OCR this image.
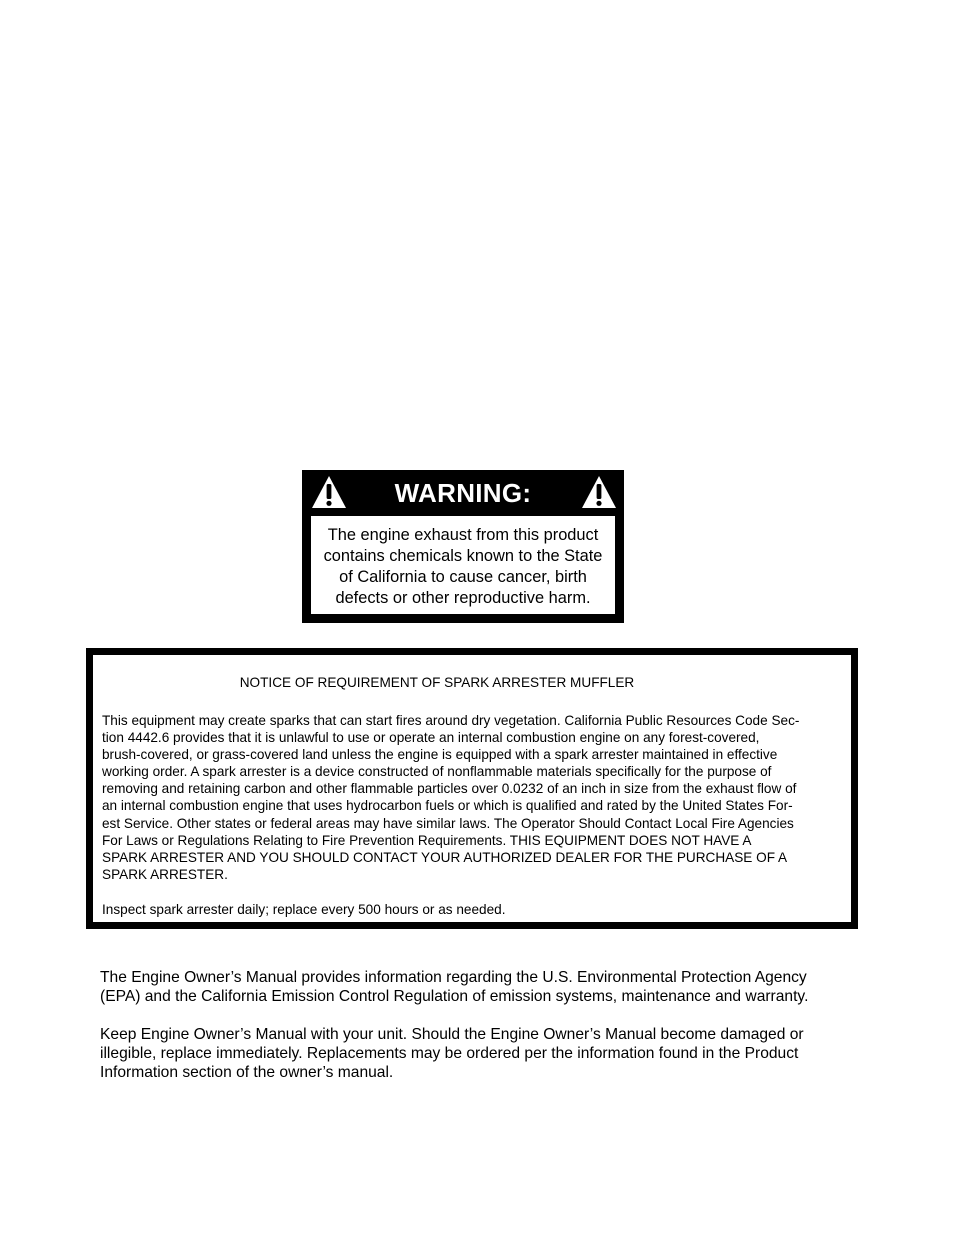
WARNING:
The engine exhaust from this product
contains chemicals known to the State
of California to cause cancer, birth
defects or other reproductive harm.
NOTICE OF REQUIREMENT OF SPARK ARRESTER MUFFLER
This equipment may create sparks that can start fires around dry vegetation. California Public Resources Code Sec-
tion 4442.6 provides that it is unlawful to use or operate an internal combustion engine on any forest-covered,
brush-covered, or grass-covered land unless the engine is equipped with a spark arrester maintained in effective
working order. A spark arrester is a device constructed of nonflammable materials specifically for the purpose of
removing and retaining carbon and other flammable particles over 0.0232 of an inch in size from the exhaust flow of
an internal combustion engine that uses hydrocarbon fuels or which is qualified and rated by the United States For-
est Service. Other states or federal areas may have similar laws. The Operator Should Contact Local Fire Agencies
For Laws or Regulations Relating to Fire Prevention Requirements. THIS EQUIPMENT DOES NOT HAVE A
SPARK ARRESTER AND YOU SHOULD CONTACT YOUR AUTHORIZED DEALER FOR THE PURCHASE OF A
SPARK ARRESTER.
Inspect spark arrester daily; replace every 500 hours or as needed.
The Engine Owner’s Manual provides information regarding the U.S. Environmental Protection Agency
(EPA) and the California Emission Control Regulation of emission systems, maintenance and warranty.
Keep Engine Owner’s Manual with your unit. Should the Engine Owner’s Manual become damaged or
illegible, replace immediately. Replacements may be ordered per the information found in the Product
Information section of the owner’s manual.
